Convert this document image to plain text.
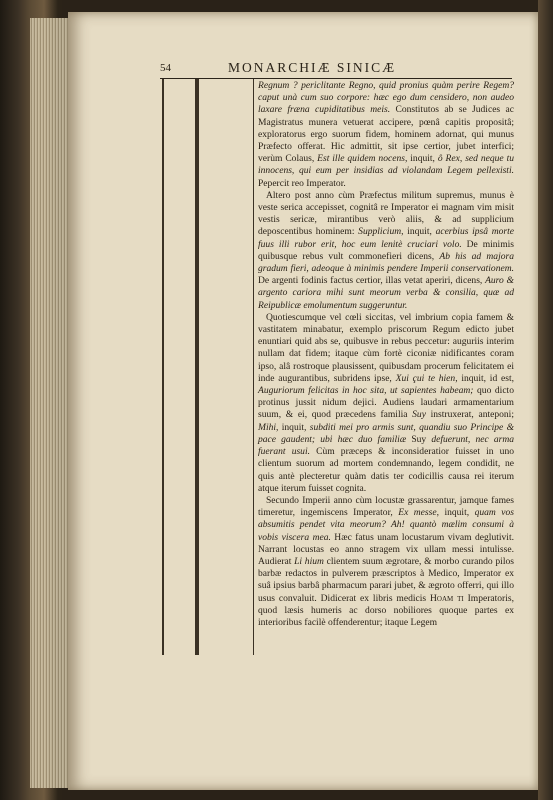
54	MONARCHIÆ SINICÆ

Regnum ? periclitante Regno, quid pronius quàm perire Regem? caput unà cum suo corpore: hæc ego dum censidero, non audeo laxare fræna cupiditatibus meis. Constitutos ab se Judices ac Magistratus munera vetuerat accipere, pœnâ capitis propositâ; exploratorus ergo suorum fidem, hominem adornat, qui munus Præfecto offerat. Hic admittit, sit ipse certior, jubet interfici; verùm Colaus, Est ille quidem nocens, inquit, ô Rex, sed neque tu innocens, qui eum per insidias ad violandam Legem pellexisti. Pepercit reo Imperator.

Altero post anno cùm Præfectus militum supremus, munus è veste serica accepisset, cognitâ re Imperator ei magnam vim misit vestis sericæ, mirantibus verò aliis, & ad supplicium deposcentibus hominem: Supplicium, inquit, acerbius ipsâ morte fuus illi rubor erit, hoc eum lenitè cruciari volo. De minimis quibusque rebus vult commonefieri dicens, Ab his ad majora gradum fieri, adeoque à minimis pendere Imperii conservationem. De argenti fodinis factus certior, illas vetat aperiri, dicens, Auro & argento cariora mihi sunt meorum verba & consilia, quæ ad Reipublicæ emolumentum suggeruntur.

Quotiescumque vel cœli siccitas, vel imbrium copia famem & vastitatem minabatur, exemplo priscorum Regum edicto jubet enuntiari quid abs se, quibusve in rebus peccetur: auguriis interim nullam dat fidem; itaque cùm fortè ciconiæ nidificantes coram ipso, alâ rostroque plausissent, quibusdam procerum felicitatem ei inde augurantibus, subridens ipse, Xui çui te hien, inquit, id est, Auguriorum felicitas in hoc sita, ut sapientes habeam; quo dicto protinus jussit nidum dejici. Audiens laudari armamentarium suum, & ei, quod præcedens familia Suy instruxerat, anteponi; Mihi, inquit, subditi mei pro armis sunt, quandiu suo Principe & pace gaudent; ubi hæc duo familiæ Suy defuerunt, nec arma fuerant usui. Cùm præceps & inconsideratior fuisset in uno clientum suorum ad mortem condemnando, legem condidit, ne quis antè plecteretur quàm datis ter codicillis causa rei iterum atque iterum fuisset cognita.

Secundo Imperii anno cùm locustæ grassarentur, jamque fames timeretur, ingemiscens Imperator, Ex messe, inquit, quam vos absumitis pendet vita meorum? Ah! quantò mælim consumi à vobis viscera mea. Hæc fatus unam locustarum vivam deglutivit. Narrant locustas eo anno stragem vix ullam messi intulisse. Audierat Li hium clientem suum ægrotare, & morbo curando pilos barbæ redactos in pulverem præscriptos à Medico, Imperator ex suâ ipsius barbâ pharmacum parari jubet, & ægroto offerri, qui illo usus convaluit. Didicerat ex libris medicis Hoam ti Imperatoris, quod læsis humeris ac dorso nobiliores quoque partes ex interioribus facilè offenderentur; itaque Legem
